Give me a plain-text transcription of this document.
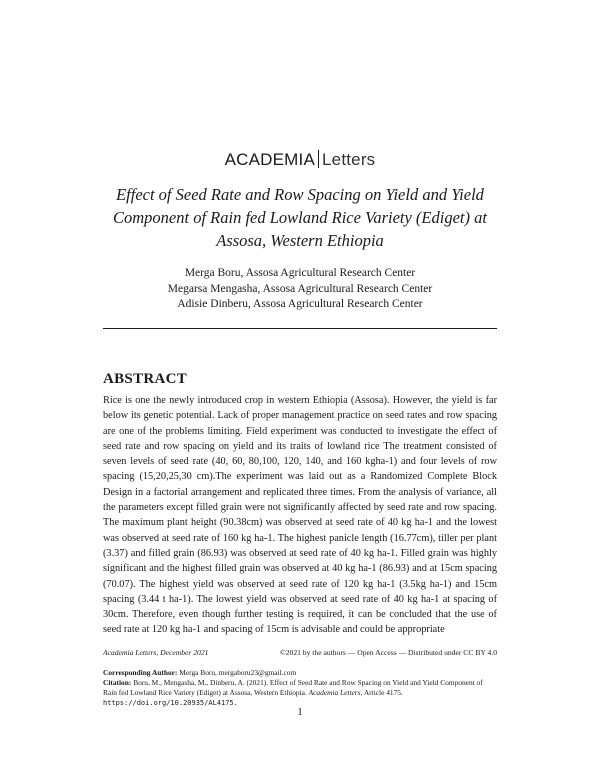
ACADEMIA Letters
Effect of Seed Rate and Row Spacing on Yield and Yield Component of Rain fed Lowland Rice Variety (Ediget) at Assosa, Western Ethiopia
Merga Boru, Assosa Agricultural Research Center
Megarsa Mengasha, Assosa Agricultural Research Center
Adisie Dinberu, Assosa Agricultural Research Center
ABSTRACT
Rice is one the newly introduced crop in western Ethiopia (Assosa). However, the yield is far below its genetic potential. Lack of proper management practice on seed rates and row spacing are one of the problems limiting. Field experiment was conducted to investigate the effect of seed rate and row spacing on yield and its traits of lowland rice The treatment consisted of seven levels of seed rate (40, 60, 80,100, 120, 140, and 160 kgha-1) and four levels of row spacing (15,20,25,30 cm).The experiment was laid out as a Randomized Complete Block Design in a factorial arrangement and replicated three times. From the analysis of variance, all the parameters except filled grain were not significantly affected by seed rate and row spacing. The maximum plant height (90.38cm) was observed at seed rate of 40 kg ha-1 and the lowest was observed at seed rate of 160 kg ha-1. The highest panicle length (16.77cm), tiller per plant (3.37) and filled grain (86.93) was observed at seed rate of 40 kg ha-1. Filled grain was highly significant and the highest filled grain was observed at 40 kg ha-1 (86.93) and at 15cm spacing (70.07). The highest yield was observed at seed rate of 120 kg ha-1 (3.5kg ha-1) and 15cm spacing (3.44 t ha-1). The lowest yield was observed at seed rate of 40 kg ha-1 at spacing of 30cm. Therefore, even though further testing is required, it can be concluded that the use of seed rate at 120 kg ha-1 and spacing of 15cm is advisable and could be appropriate
Academia Letters, December 2021	©2021 by the authors — Open Access — Distributed under CC BY 4.0
Corresponding Author: Merga Boru, mergaboru23@gmail.com
Citation: Boru, M., Mengasha, M., Dinberu, A. (2021). Effect of Seed Rate and Row Spacing on Yield and Yield Component of Rain fed Lowland Rice Variety (Ediget) at Assosa, Western Ethiopia. Academia Letters, Article 4175. https://doi.org/10.20935/AL4175.
1
